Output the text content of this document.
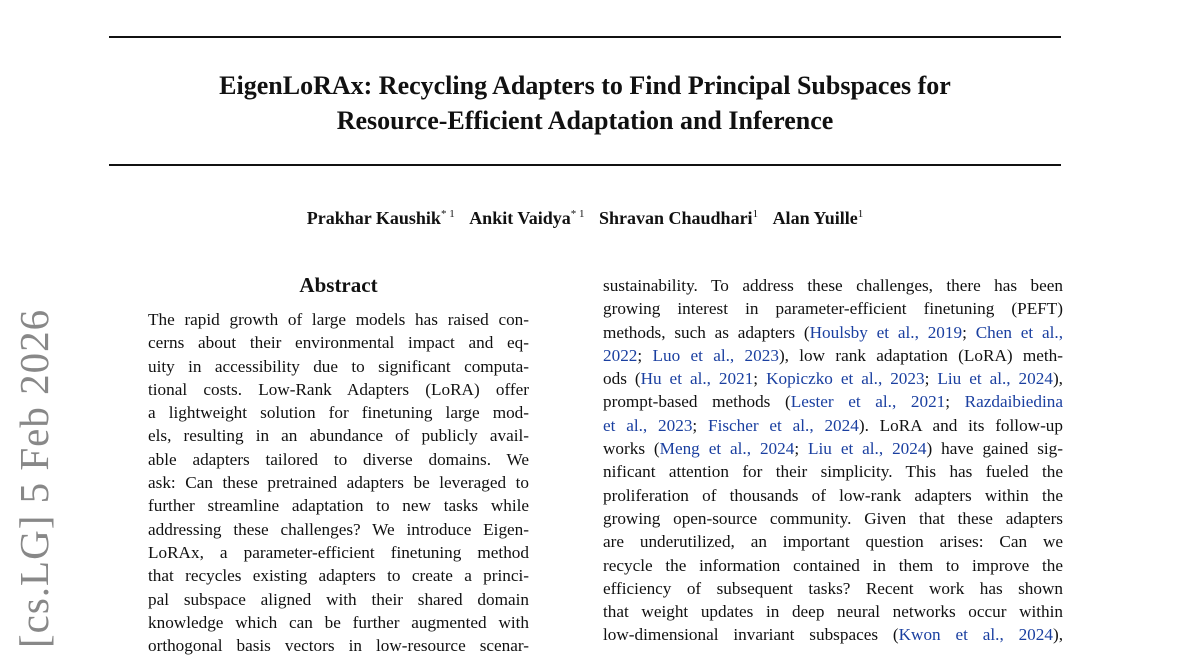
EigenLoRAx: Recycling Adapters to Find Principal Subspaces for
Resource-Efficient Adaptation and Inference
Prakhar Kaushik$^{* 1}$ Ankit Vaidya$^{* 1}$ Shravan Chaudhari$^1$ Alan Yuille$^1$
[cs.LG] 5 Feb 2026
Abstract
The rapid growth of large models has raised con-
cerns about their environmental impact and eq-
uity in accessibility due to significant computa-
tional costs. Low-Rank Adapters (LoRA) offer
a lightweight solution for finetuning large mod-
els, resulting in an abundance of publicly avail-
able adapters tailored to diverse domains. We
ask: Can these pretrained adapters be leveraged to
further streamline adaptation to new tasks while
addressing these challenges? We introduce Eigen-
LoRAx, a parameter-efficient finetuning method
that recycles existing adapters to create a princi-
pal subspace aligned with their shared domain
knowledge which can be further augmented with
orthogonal basis vectors in low-resource scenar-
sustainability. To address these challenges, there has been
growing interest in parameter-efficient finetuning (PEFT)
methods, such as adapters (Houlsby et al., 2019; Chen et al.,
2022; Luo et al., 2023), low rank adaptation (LoRA) meth-
ods (Hu et al., 2021; Kopiczko et al., 2023; Liu et al., 2024),
prompt-based methods (Lester et al., 2021; Razdaibiedina
et al., 2023; Fischer et al., 2024). LoRA and its follow-up
works (Meng et al., 2024; Liu et al., 2024) have gained sig-
nificant attention for their simplicity. This has fueled the
proliferation of thousands of low-rank adapters within the
growing open-source community. Given that these adapters
are underutilized, an important question arises: Can we
recycle the information contained in them to improve the
efficiency of subsequent tasks? Recent work has shown
that weight updates in deep neural networks occur within
low-dimensional invariant subspaces (Kwon et al., 2024),
